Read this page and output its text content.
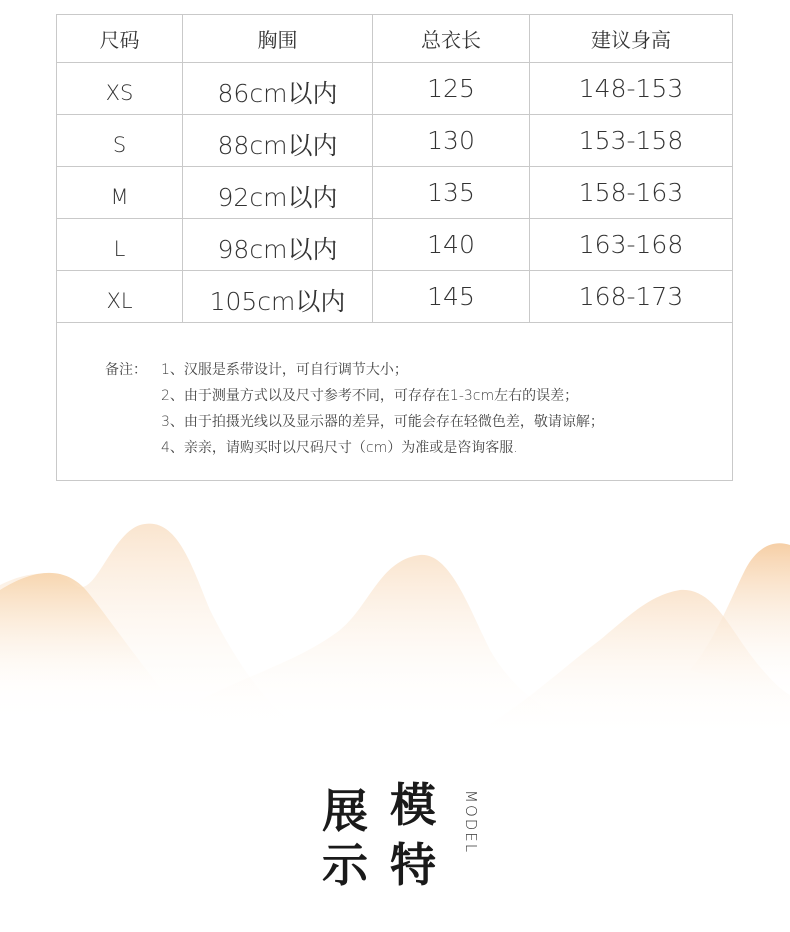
尺码	胸围	总衣长	建议身高
XS	86cm以内	125	148-153
S	88cm以内	130	153-158
M	92cm以内	135	158-163
L	98cm以内	140	163-168
XL	105cm以内	145	168-173
备注： 1、汉服是系带设计，可自行调节大小；
2、由于测量方式以及尺寸参考不同，可存存在1-3cm左右的误差；
3、由于拍摄光线以及显示器的差异，可能会存在轻微色差，敬请谅解；
4、亲亲，请购买时以尺码尺寸（cm）为准或是咨询客服.
模
特
展
示
MODEL
